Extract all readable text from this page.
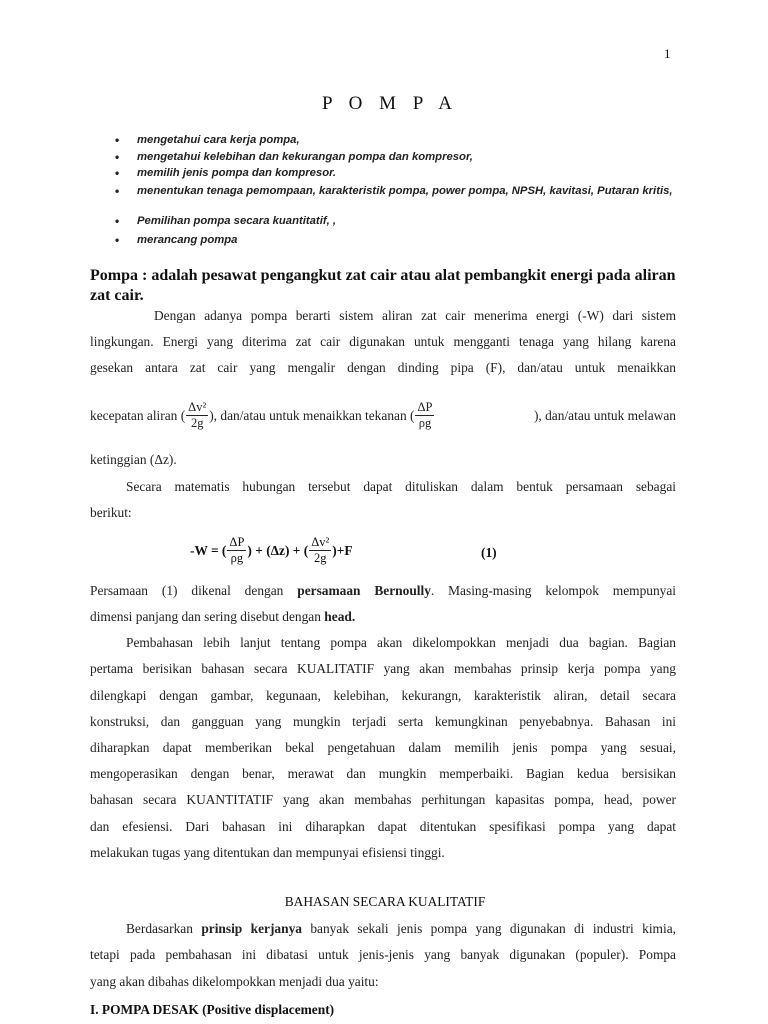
1
P O M P A
• mengetahui cara kerja pompa,
• mengetahui kelebihan dan kekurangan pompa dan kompresor,
• memilih jenis pompa dan kompresor.
• menentukan tenaga pemompaan, karakteristik pompa, power pompa, NPSH, kavitasi, Putaran kritis,
• Pemilihan pompa secara kuantitatif, ,
• merancang pompa
Pompa : adalah pesawat pengangkut zat cair atau alat pembangkit energi pada aliran zat cair.
Dengan adanya pompa berarti sistem aliran zat cair menerima energi (-W) dari sistem
lingkungan. Energi yang diterima zat cair digunakan untuk mengganti tenaga yang hilang karena
gesekan antara zat cair yang mengalir dengan dinding pipa (F), dan/atau untuk menaikkan
kecepatan aliran ( $\frac{\text{Δv²}}{2g}$ ), dan/atau untuk menaikkan tekanan ( $\frac{\Delta P}{\rho g}$	), dan/atau untuk melawan
ketinggian (Δz).
Secara matematis hubungan tersebut dapat dituliskan dalam bentuk persamaan sebagai
berikut:
-W = ( $\frac{\Delta P}{\rho g}$ ) + (Δz) + ( $\frac{\text{Δv²}}{2g} )+F$	(1)
Persamaan (1) dikenal dengan persamaan Bernoully. Masing-masing kelompok mempunyai
dimensi panjang dan sering disebut dengan head.
Pembahasan lebih lanjut tentang pompa akan dikelompokkan menjadi dua bagian. Bagian
pertama berisikan bahasan secara KUALITATIF yang akan membahas prinsip kerja pompa yang
dilengkapi dengan gambar, kegunaan, kelebihan, kekurangn, karakteristik aliran, detail secara
konstruksi, dan gangguan yang mungkin terjadi serta kemungkinan penyebabnya. Bahasan ini
diharapkan dapat memberikan bekal pengetahuan dalam memilih jenis pompa yang sesuai,
mengoperasikan dengan benar, merawat dan mungkin memperbaiki. Bagian kedua bersisikan
bahasan secara KUANTITATIF yang akan membahas perhitungan kapasitas pompa, head, power
dan efesiensi. Dari bahasan ini diharapkan dapat ditentukan spesifikasi pompa yang dapat
melakukan tugas yang ditentukan dan mempunyai efisiensi tinggi.
BAHASAN SECARA KUALITATIF
Berdasarkan prinsip kerjanya banyak sekali jenis pompa yang digunakan di industri kimia,
tetapi pada pembahasan ini dibatasi untuk jenis-jenis yang banyak digunakan (populer). Pompa
yang akan dibahas dikelompokkan menjadi dua yaitu:
I. POMPA DESAK (Positive displacement)
